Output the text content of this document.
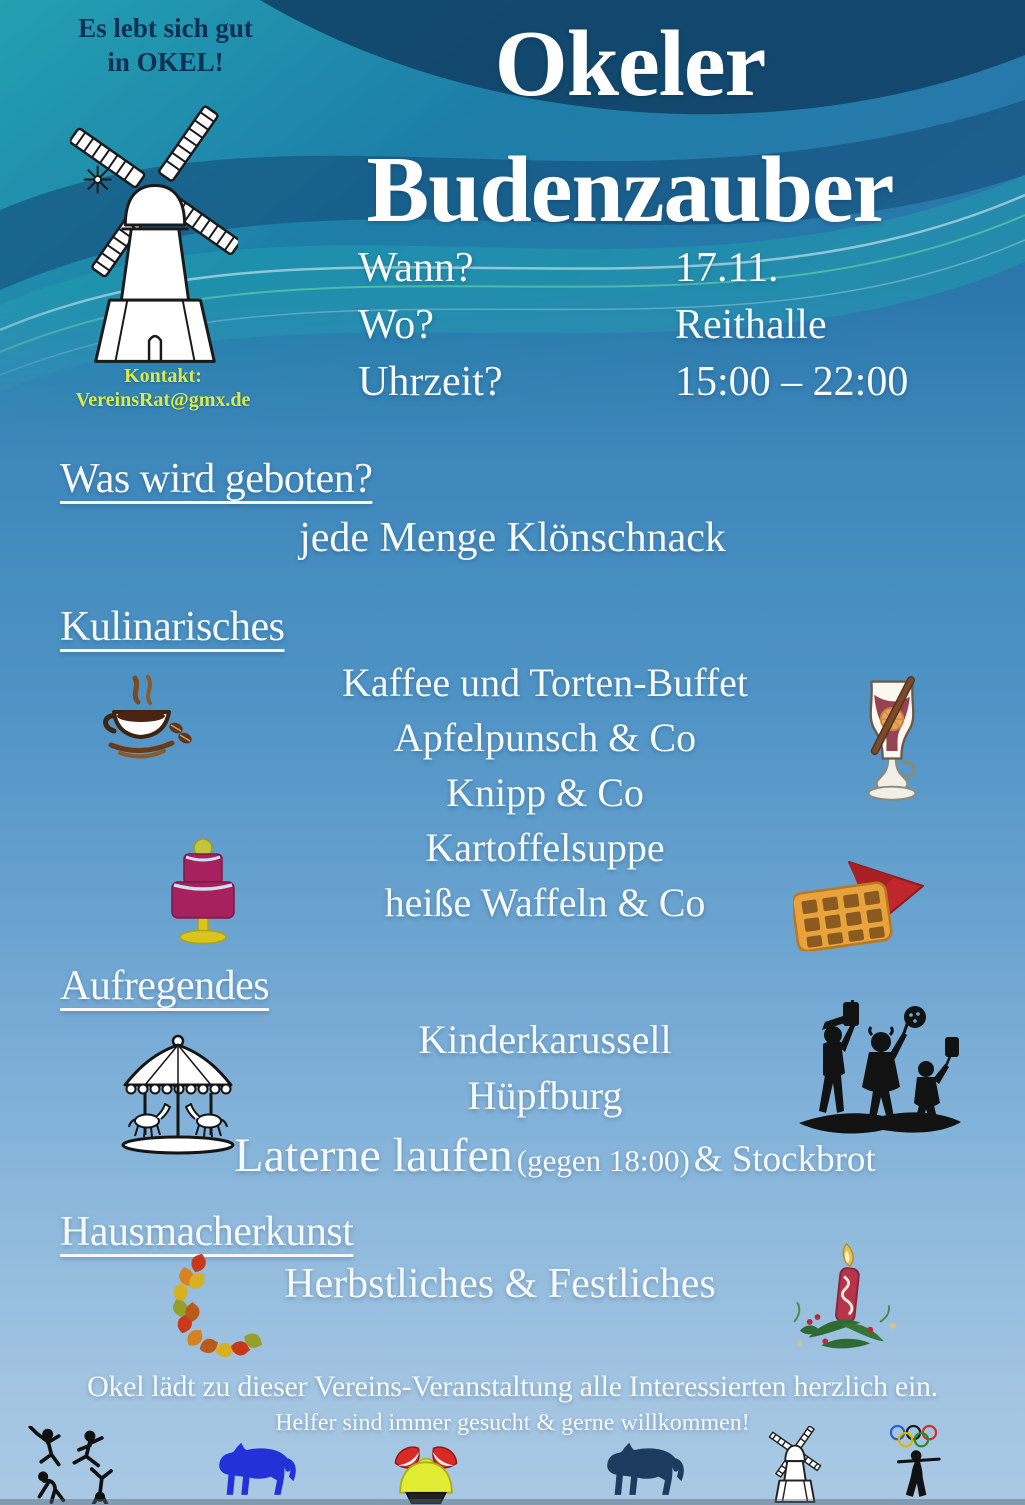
Es lebt sich gut
in OKEL!
Kontakt:
VereinsRat@gmx.de
Okeler
Budenzauber
Wann?	17.11.
Wo?	Reithalle
Uhrzeit?	15:00 – 22:00
Was wird geboten?
jede Menge Klönschnack
Kulinarisches
Kaffee und Torten-Buffet
Apfelpunsch & Co
Knipp & Co
Kartoffelsuppe
heiße Waffeln & Co
Aufregendes
Kinderkarussell
Hüpfburg
Laterne laufen (gegen 18:00) & Stockbrot
Hausmacherkunst
Herbstliches & Festliches
Okel lädt zu dieser Vereins-Veranstaltung alle Interessierten herzlich ein.
Helfer sind immer gesucht & gerne willkommen!
